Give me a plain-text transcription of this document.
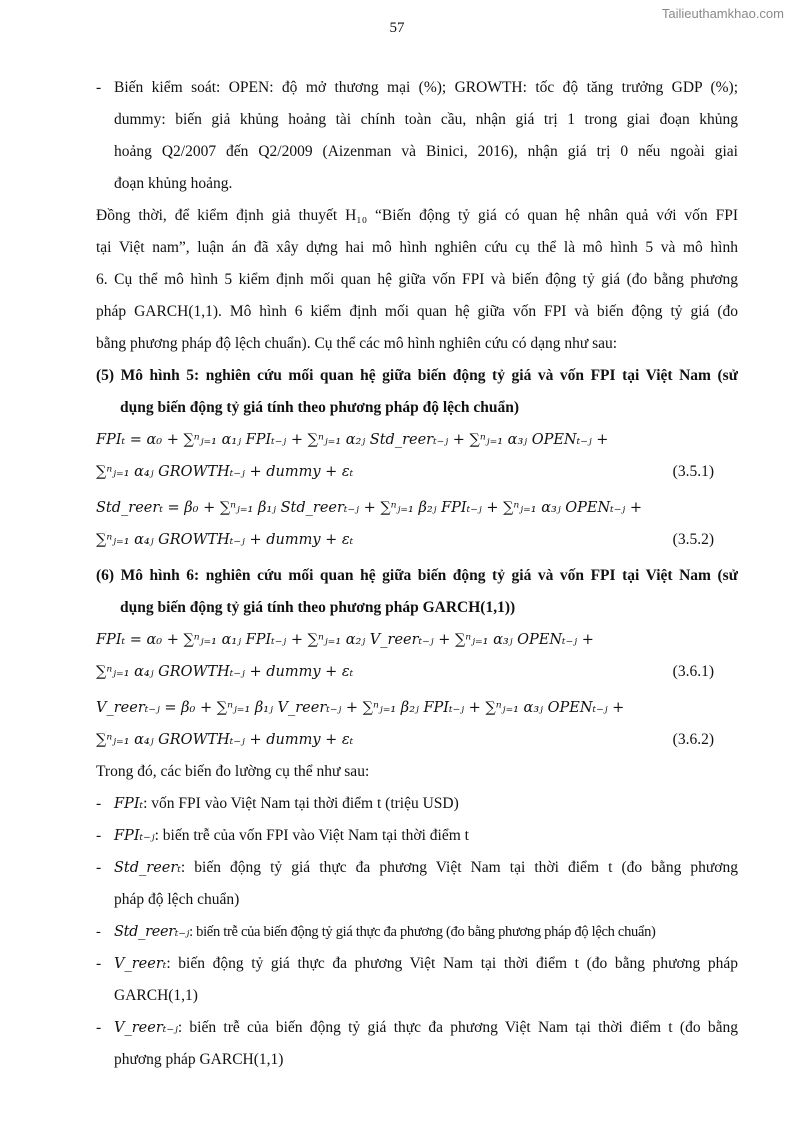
Tailieuthamkhao.com
57
- Biến kiểm soát: OPEN: độ mở thương mại (%); GROWTH: tốc độ tăng trưởng GDP (%);
dummy: biến giả khủng hoảng tài chính toàn cầu, nhận giá trị 1 trong giai đoạn khủng
hoảng Q2/2007 đến Q2/2009 (Aizenman và Binici, 2016), nhận giá trị 0 nếu ngoài giai
đoạn khủng hoảng.
Đồng thời, để kiểm định giả thuyết H₁₀ “Biến động tỷ giá có quan hệ nhân quả với vốn FPI
tại Việt nam”, luận án đã xây dựng hai mô hình nghiên cứu cụ thể là mô hình 5 và mô hình
6. Cụ thể mô hình 5 kiểm định mối quan hệ giữa vốn FPI và biến động tỷ giá (đo bằng phương
pháp GARCH(1,1). Mô hình 6 kiểm định mối quan hệ giữa vốn FPI và biến động tỷ giá (đo
bằng phương pháp độ lệch chuẩn). Cụ thể các mô hình nghiên cứu có dạng như sau:
(5) Mô hình 5: nghiên cứu mối quan hệ giữa biến động tỷ giá và vốn FPI tại Việt Nam (sử
dụng biến động tỷ giá tính theo phương pháp độ lệch chuẩn)
FPIₜ = α₀ + ∑ⁿⱼ₌₁ α₁ⱼ FPIₜ₋ⱼ + ∑ⁿⱼ₌₁ α₂ⱼ Std_reerₜ₋ⱼ + ∑ⁿⱼ₌₁ α₃ⱼ OPENₜ₋ⱼ +
∑ⁿⱼ₌₁ α₄ⱼ GROWTHₜ₋ⱼ + dummy + εₜ	(3.5.1)
Std_reerₜ = β₀ + ∑ⁿⱼ₌₁ β₁ⱼ Std_reerₜ₋ⱼ + ∑ⁿⱼ₌₁ β₂ⱼ FPIₜ₋ⱼ + ∑ⁿⱼ₌₁ α₃ⱼ OPENₜ₋ⱼ +
∑ⁿⱼ₌₁ α₄ⱼ GROWTHₜ₋ⱼ + dummy + εₜ	(3.5.2)
(6) Mô hình 6: nghiên cứu mối quan hệ giữa biến động tỷ giá và vốn FPI tại Việt Nam (sử
dụng biến động tỷ giá tính theo phương pháp GARCH(1,1))
FPIₜ = α₀ + ∑ⁿⱼ₌₁ α₁ⱼ FPIₜ₋ⱼ + ∑ⁿⱼ₌₁ α₂ⱼ V_reerₜ₋ⱼ + ∑ⁿⱼ₌₁ α₃ⱼ OPENₜ₋ⱼ +
∑ⁿⱼ₌₁ α₄ⱼ GROWTHₜ₋ⱼ + dummy + εₜ	(3.6.1)
V_reerₜ₋ⱼ = β₀ + ∑ⁿⱼ₌₁ β₁ⱼ V_reerₜ₋ⱼ + ∑ⁿⱼ₌₁ β₂ⱼ FPIₜ₋ⱼ + ∑ⁿⱼ₌₁ α₃ⱼ OPENₜ₋ⱼ +
∑ⁿⱼ₌₁ α₄ⱼ GROWTHₜ₋ⱼ + dummy + εₜ	(3.6.2)
Trong đó, các biến đo lường cụ thể như sau:
- FPIₜ: vốn FPI vào Việt Nam tại thời điểm t (triệu USD)
- FPIₜ₋ⱼ: biến trễ của vốn FPI vào Việt Nam tại thời điểm t
- Std_reerₜ: biến động tỷ giá thực đa phương Việt Nam tại thời điểm t (đo bằng phương
pháp độ lệch chuẩn)
- Std_reerₜ₋ⱼ: biến trễ của biến động tỷ giá thực đa phương (đo bằng phương pháp độ lệch chuẩn)
- V_reerₜ: biến động tỷ giá thực đa phương Việt Nam tại thời điểm t (đo bằng phương pháp
GARCH(1,1)
- V_reerₜ₋ⱼ: biến trễ của biến động tỷ giá thực đa phương Việt Nam tại thời điểm t (đo bằng
phương pháp GARCH(1,1)
